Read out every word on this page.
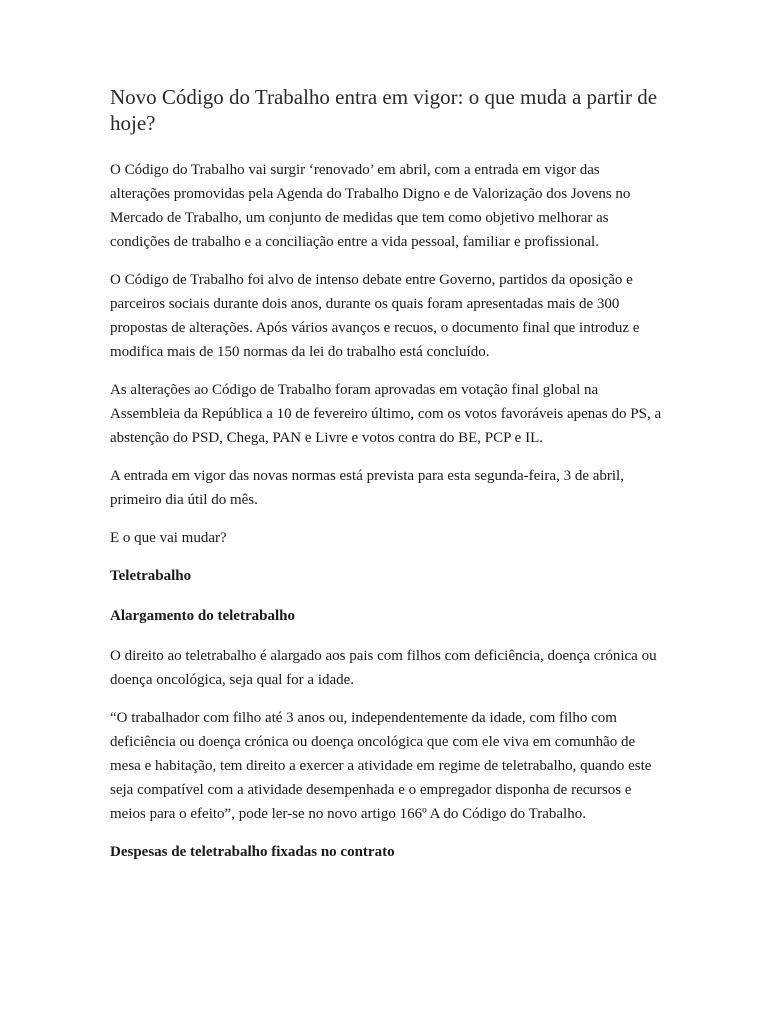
Novo Código do Trabalho entra em vigor: o que muda a partir de hoje?

O Código do Trabalho vai surgir ‘renovado’ em abril, com a entrada em vigor das alterações promovidas pela Agenda do Trabalho Digno e de Valorização dos Jovens no Mercado de Trabalho, um conjunto de medidas que tem como objetivo melhorar as condições de trabalho e a conciliação entre a vida pessoal, familiar e profissional.

O Código de Trabalho foi alvo de intenso debate entre Governo, partidos da oposição e parceiros sociais durante dois anos, durante os quais foram apresentadas mais de 300 propostas de alterações. Após vários avanços e recuos, o documento final que introduz e modifica mais de 150 normas da lei do trabalho está concluído.

As alterações ao Código de Trabalho foram aprovadas em votação final global na Assembleia da República a 10 de fevereiro último, com os votos favoráveis apenas do PS, a abstenção do PSD, Chega, PAN e Livre e votos contra do BE, PCP e IL.

A entrada em vigor das novas normas está prevista para esta segunda-feira, 3 de abril, primeiro dia útil do mês.

E o que vai mudar?

Teletrabalho
Alargamento do teletrabalho

O direito ao teletrabalho é alargado aos pais com filhos com deficiência, doença crónica ou doença oncológica, seja qual for a idade.

“O trabalhador com filho até 3 anos ou, independentemente da idade, com filho com deficiência ou doença crónica ou doença oncológica que com ele viva em comunhão de mesa e habitação, tem direito a exercer a atividade em regime de teletrabalho, quando este seja compatível com a atividade desempenhada e o empregador disponha de recursos e meios para o efeito”, pode ler-se no novo artigo 166º A do Código do Trabalho.

Despesas de teletrabalho fixadas no contrato
